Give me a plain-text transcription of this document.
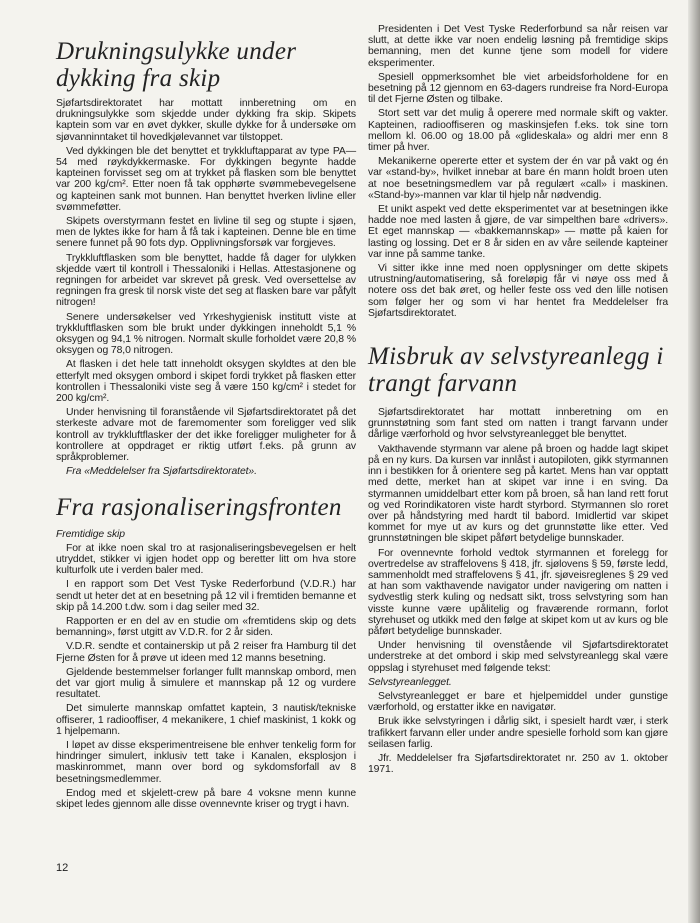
Drukningsulykke under dykking fra skip

Sjøfartsdirektoratet har mottatt innberetning om en drukningsulykke som skjedde under dykking fra skip. Skipets kaptein som var en øvet dykker, skulle dykke for å undersøke om sjøvanninntaket til hovedkjølevannet var tilstoppet.

Ved dykkingen ble det benyttet et trykkluftapparat av type PA—54 med røykdykkermaske. For dykkingen begynte hadde kapteinen forvisset seg om at trykket på flasken som ble benyttet var 200 kg/cm². Etter noen få tak opphørte svømmebevegelsene og kapteinen sank mot bunnen. Han benyttet hverken livline eller svømmeføtter.

Skipets overstyrmann festet en livline til seg og stupte i sjøen, men de lyktes ikke for ham å få tak i kapteinen. Denne ble en time senere funnet på 90 fots dyp. Opplivningsforsøk var forgjeves.

Trykkluftflasken som ble benyttet, hadde få dager for ulykken skjedde vært til kontroll i Thessaloniki i Hellas. Attestasjonene og regningen for arbeidet var skrevet på gresk. Ved oversettelse av regningen fra gresk til norsk viste det seg at flasken bare var påfylt nitrogen!

Senere undersøkelser ved Yrkeshygienisk institutt viste at trykkluftflasken som ble brukt under dykkingen inneholdt 5,1 % oksygen og 94,1 % nitrogen. Normalt skulle forholdet være 20,8 % oksygen og 78,0 nitrogen.

At flasken i det hele tatt inneholdt oksygen skyldtes at den ble etterfylt med oksygen ombord i skipet fordi trykket på flasken etter kontrollen i Thessaloniki viste seg å være 150 kg/cm² i stedet for 200 kg/cm².

Under henvisning til foranstående vil Sjøfartsdirektoratet på det sterkeste advare mot de faremomenter som foreligger ved slik kontroll av trykkluftflasker der det ikke foreligger muligheter for å kontrollere at oppdraget er riktig utført f.eks. på grunn av språkproblemer.

Fra «Meddelelser fra Sjøfartsdirektoratet».

Fra rasjonaliseringsfronten

Fremtidige skip

For at ikke noen skal tro at rasjonaliseringsbevegelsen er helt utryddet, stikker vi igjen hodet opp og beretter litt om hva store kulturfolk ute i verden baler med.

I en rapport som Det Vest Tyske Rederforbund (V.D.R.) har sendt ut heter det at en besetning på 12 vil i fremtiden bemanne et skip på 14.200 t.dw. som i dag seiler med 32.

Rapporten er en del av en studie om «fremtidens skip og dets bemanning», først utgitt av V.D.R. for 2 år siden.

V.D.R. sendte et containerskip ut på 2 reiser fra Hamburg til det Fjerne Østen for å prøve ut ideen med 12 manns besetning.

Gjeldende bestemmelser forlanger fullt mannskap ombord, men det var gjort mulig å simulere et mannskap på 12 og vurdere resultatet.

Det simulerte mannskap omfattet kaptein, 3 nautisk/tekniske offiserer, 1 radiooffiser, 4 mekanikere, 1 chief maskinist, 1 kokk og 1 hjelpemann.

I løpet av disse eksperimentreisene ble enhver tenkelig form for hindringer simulert, inklusiv tett take i Kanalen, eksplosjon i maskinrommet, mann over bord og sykdomsforfall av 8 besetningsmedlemmer.

Endog med et skjelett-crew på bare 4 voksne menn kunne skipet ledes gjennom alle disse ovennevnte kriser og trygt i havn.

Presidenten i Det Vest Tyske Rederforbund sa når reisen var slutt, at dette ikke var noen endelig løsning på fremtidige skips bemanning, men det kunne tjene som modell for videre eksperimenter.

Spesiell oppmerksomhet ble viet arbeidsforholdene for en besetning på 12 gjennom en 63-dagers rundreise fra Nord-Europa til det Fjerne Østen og tilbake.

Stort sett var det mulig å operere med normale skift og vakter. Kapteinen, radiooffiseren og maskinsjefen f.eks. tok sine torn mellom kl. 06.00 og 18.00 på «glideskala» og aldri mer enn 8 timer på hver.

Mekanikerne opererte etter et system der én var på vakt og én var «stand-by», hvilket innebar at bare én mann holdt broen uten at noe besetningsmedlem var på regulært «call» i maskinen. «Stand-by»-mannen var klar til hjelp når nødvendig.

Et unikt aspekt ved dette eksperimentet var at besetningen ikke hadde noe med lasten å gjøre, de var simpelthen bare «drivers». Et eget mannskap — «bakkemannskap» — møtte på kaien for lasting og lossing. Det er 8 år siden en av våre seilende kapteiner var inne på samme tanke.

Vi sitter ikke inne med noen opplysninger om dette skipets utrustning/automatisering, så foreløpig får vi nøye oss med å notere oss det bak øret, og heller feste oss ved den lille notisen som følger her og som vi har hentet fra Meddelelser fra Sjøfartsdirektoratet.

Misbruk av selvstyreanlegg i trangt farvann

Sjøfartsdirektoratet har mottatt innberetning om en grunnstøtning som fant sted om natten i trangt farvann under dårlige værforhold og hvor selvstyreanlegget ble benyttet.

Vakthavende styrmann var alene på broen og hadde lagt skipet på en ny kurs. Da kursen var innlåst i autopiloten, gikk styrmannen inn i bestikken for å orientere seg på kartet. Mens han var opptatt med dette, merket han at skipet var inne i en sving. Da styrmannen umiddelbart etter kom på broen, så han land rett forut og ved Rorindikatoren viste hardt styrbord. Styrmannen slo roret over på håndstyring med hardt til babord. Imidlertid var skipet kommet for mye ut av kurs og det grunnstøtte like etter. Ved grunnstøtningen ble skipet påført betydelige bunnskader.

For ovennevnte forhold vedtok styrmannen et forelegg for overtredelse av straffelovens § 418, jfr. sjølovens § 59, første ledd, sammenholdt med straffelovens § 41, jfr. sjøveisreglenes § 29 ved at han som vakthavende navigator under navigering om natten i sydvestlig sterk kuling og nedsatt sikt, tross selvstyring som han visste kunne være upålitelig og fraværende rormann, forlot styrehuset og utkikk med den følge at skipet kom ut av kurs og ble påført betydelige bunnskader.

Under henvisning til ovenstående vil Sjøfartsdirektoratet understreke at det ombord i skip med selvstyreanlegg skal være oppslag i styrehuset med følgende tekst:

Selvstyreanlegget.

Selvstyreanlegget er bare et hjelpemiddel under gunstige værforhold, og erstatter ikke en navigatør.

Bruk ikke selvstyringen i dårlig sikt, i spesielt hardt vær, i sterk trafikkert farvann eller under andre spesielle forhold som kan gjøre seilasen farlig.

Jfr. Meddelelser fra Sjøfartsdirektoratet nr. 250 av 1. oktober 1971.

12
